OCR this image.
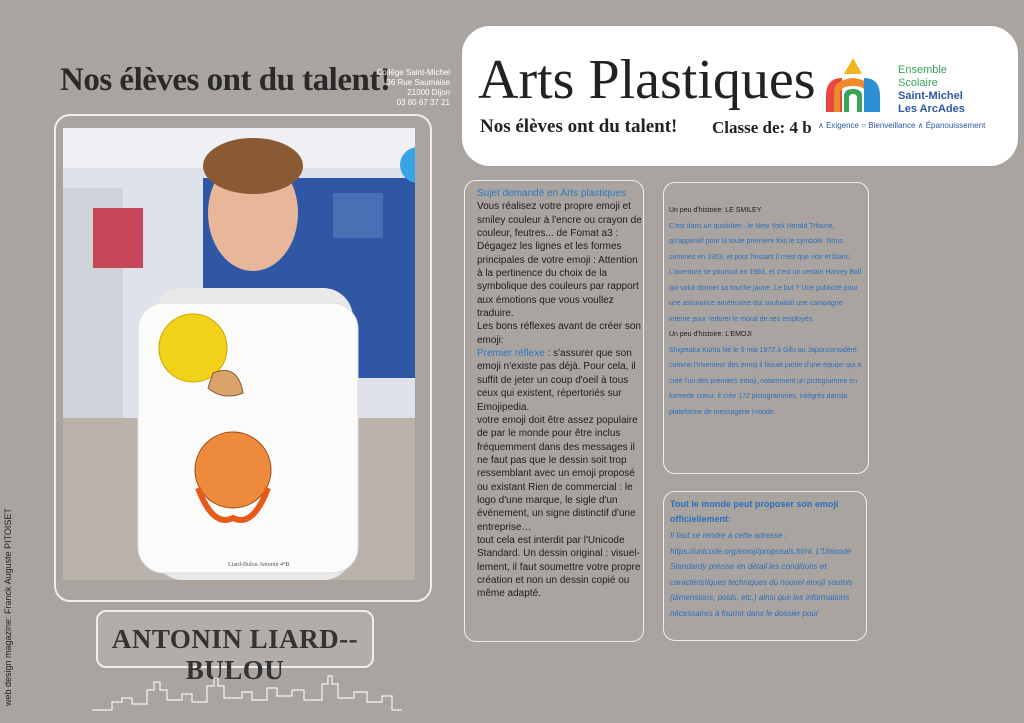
Nos élèves ont du talent!
Collège Saint-Michel
36 Rue Saumaise
21000 Dijon
03 80 67 37 21 Arts Plastiques
Nos élèves ont du talent! Classe de: 4 b
Ensemble
Scolaire
Saint-Michel
Les ArcAdes
∧ Exigence ○ Bienveillance ∧ Épanouissement
Liard-Bulou Antonin 4°B
ANTONIN LIARD--BULOU
web design magazine: Franck Auguste PITOISET

Sujet demandé en Arts plastiques

Vous réalisez votre propre emoji et smiley couleur à l'encre ou crayon de couleur, feutres... de Fomat a3 : Dégagez les lignes et les formes principales de votre emoji : Attention à la pertinence du choix de la symbolique des couleurs par rapport aux émotions que vous voullez traduire.

Les bons réflexes avant de créer son emoji:

Premier réflexe : s'assurer que son emoji n'existe pas déjà. Pour cela, il suffit de jeter un coup d'oeil à tous ceux qui existent, répertoriés sur Emojipedia.

votre emoji doit être assez populaire de par le monde pour être inclus fréquemment dans des messages il ne faut pas que le dessin soit trop ressemblant avec un emoji proposé ou existant Rien de commercial : le logo d'une marque, le sigle d'un événement, un signe distinctif d'une entreprise…

tout cela est interdit par l'Unicode Standard. Un dessin original : visuel-lement, il faut soumettre votre propre création et non un dessin copié ou même adapté.

Un peu d'histoire: LE SMILEY
C'est dans un quotidien , le New York Herald Tribune, qu'apparaît pour la toute première fois le symbole. Nous sommes en 1953, et pour l'instant il n'est que noir et blanc. L'aventure se poursuit en 1963, et c'est un certain Harvey Ball qui valut donner sa touche jaune. Le but ? Une publicité pour une assurance américaine qui souhaitait une campagne interne pour redorer le moral de ses employés.
Un peu d'histoire: L'EMOJI
Shigetaka Kurita Né le 9 mai 1972 à Gifu au Japonconsidéré comme l'inventeur des emoji il faisait partie d'une équipe qui a créé l'un des premiers emoji, notamment un pictogramme en formede coeur. il crée 172 pictogrammes, intégrés dansla plateforme de messagerie I-mode.
Tout le monde peut proposer son emoji officiellement:
Il faut se rendre à cette adresse : https://unicode.org/emoji/proposals.html. L'Unicode Standardy précise en détail les conditions et caractéristiques techniques du nouvel emoji soumis (dimensions, poids, etc.) ainsi que les informations nécessaires à fournir dans le dossier pour
